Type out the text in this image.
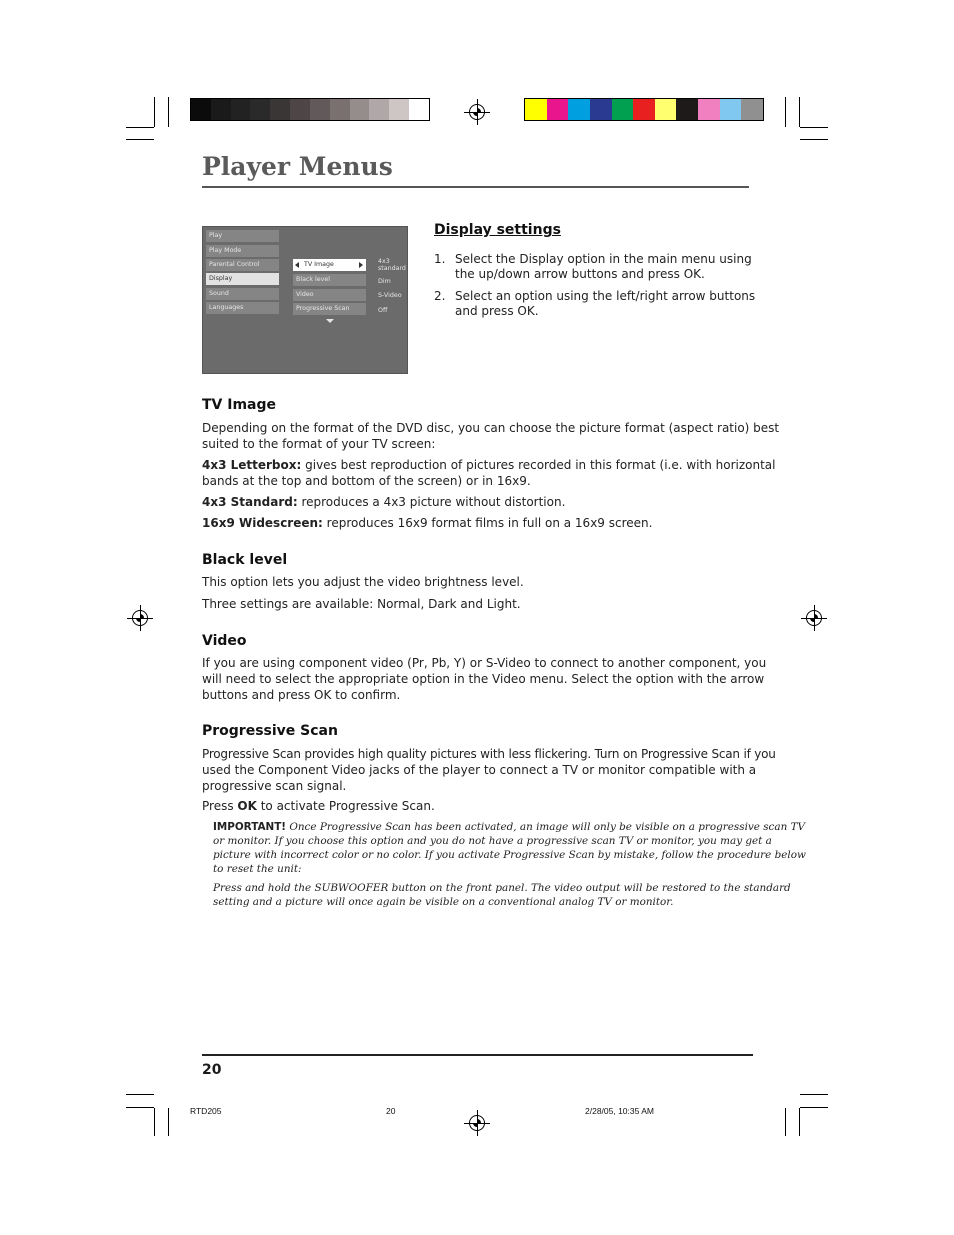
Player Menus
Play
Play Mode
Parental Control
Display
Sound
Languages
TV Image
Black level
Video
Progressive Scan
4x3 standard
Dim
S-Video
Off
Display settings
1. Select the Display option in the main menu using
the up/down arrow buttons and press OK.
2. Select an option using the left/right arrow buttons
and press OK.
TV Image
Depending on the format of the DVD disc, you can choose the picture format (aspect ratio) best
suited to the format of your TV screen:
4x3 Letterbox: gives best reproduction of pictures recorded in this format (i.e. with horizontal
bands at the top and bottom of the screen) or in 16x9.
4x3 Standard: reproduces a 4x3 picture without distortion.
16x9 Widescreen: reproduces 16x9 format films in full on a 16x9 screen.
Black level
This option lets you adjust the video brightness level.
Three settings are available: Normal, Dark and Light.
Video
If you are using component video (Pr, Pb, Y) or S-Video to connect to another component, you
will need to select the appropriate option in the Video menu. Select the option with the arrow
buttons and press OK to confirm.
Progressive Scan
Progressive Scan provides high quality pictures with less flickering. Turn on Progressive Scan if you
used the Component Video jacks of the player to connect a TV or monitor compatible with a
progressive scan signal.
Press OK to activate Progressive Scan.
IMPORTANT! Once Progressive Scan has been activated, an image will only be visible on a progressive scan TV
or monitor. If you choose this option and you do not have a progressive scan TV or monitor, you may get a
picture with incorrect color or no color. If you activate Progressive Scan by mistake, follow the procedure below
to reset the unit:
Press and hold the SUBWOOFER button on the front panel. The video output will be restored to the standard
setting and a picture will once again be visible on a conventional analog TV or monitor.
20
RTD205	20	2/28/05, 10:35 AM
